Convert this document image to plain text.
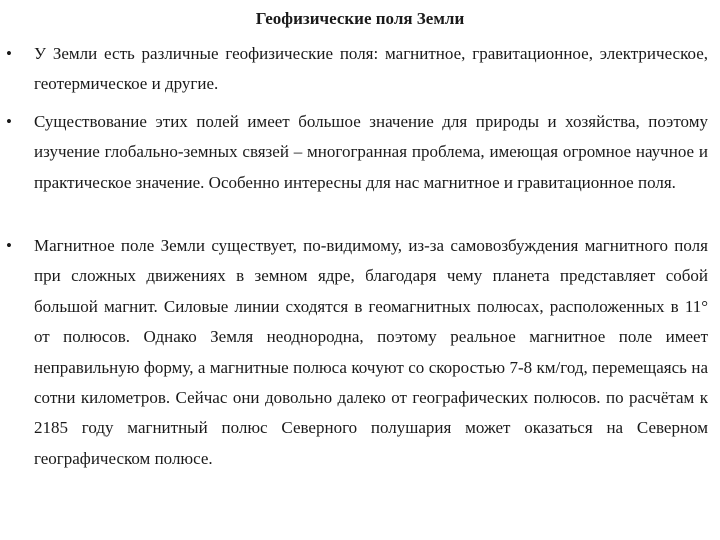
Геофизические поля Земли
• У Земли есть различные геофизические поля: магнитное, гравитационное, электрическое, геотермическое и другие.

• Существование этих полей имеет большое значение для природы и хозяйства, поэтому изучение глобально-земных связей – многогранная проблема, имеющая огромное научное и практическое значение. Особенно интересны для нас магнитное и гравитационное поля.

• Магнитное поле Земли существует, по-видимому, из-за самовозбуждения магнитного поля при сложных движениях в земном ядре, благодаря чему планета представляет собой большой магнит. Силовые линии сходятся в геомагнитных полюсах, расположенных в 11° от полюсов. Однако Земля неоднородна, поэтому реальное магнитное поле имеет неправильную форму, а магнитные полюса кочуют со скоростью 7-8 км/год, перемещаясь на сотни километров. Сейчас они довольно далеко от географических полюсов. по расчётам к 2185 году магнитный полюс Северного полушария может оказаться на Северном географическом полюсе.
